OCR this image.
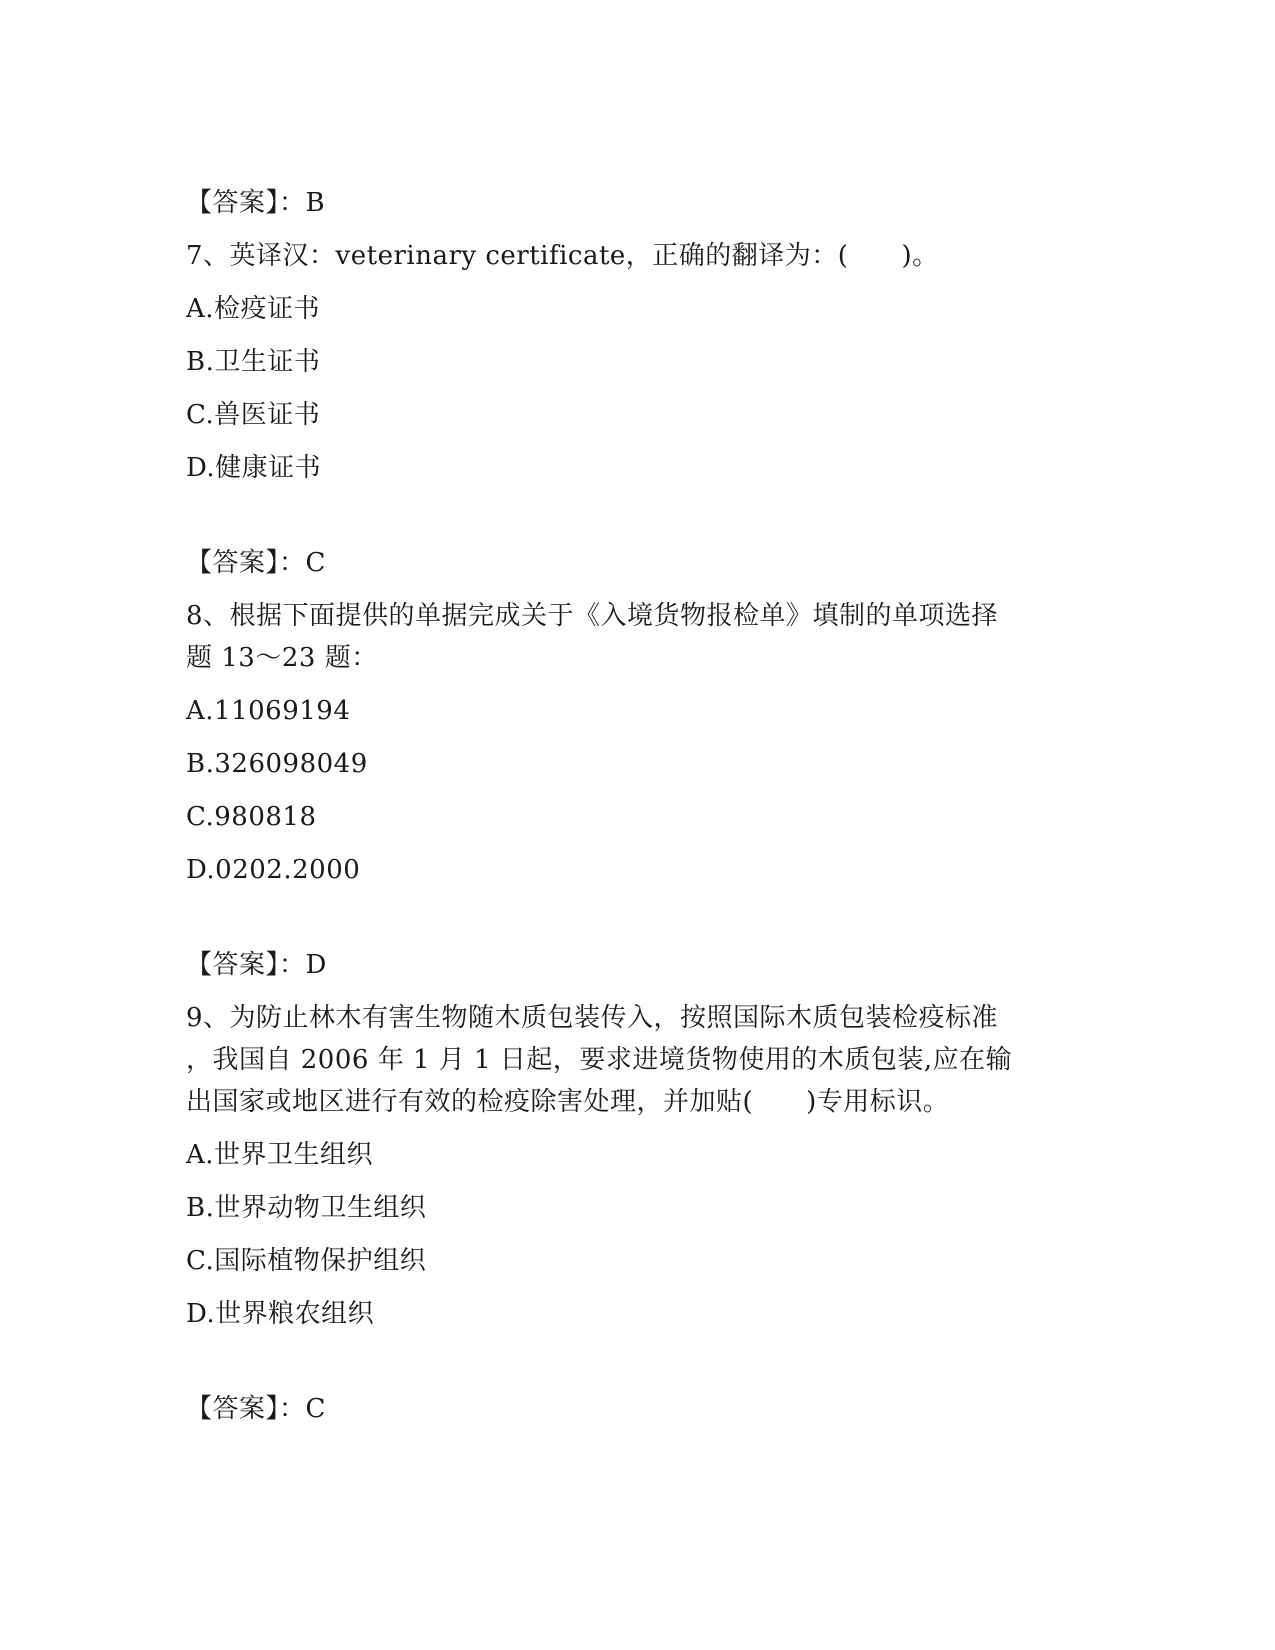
【答案】：B
7、英译汉：veterinary certificate，正确的翻译为：(　　)。
A.检疫证书
B.卫生证书
C.兽医证书
D.健康证书
【答案】：C
8、根据下面提供的单据完成关于《入境货物报检单》填制的单项选择
题 13～23 题：
A.11069194
B.326098049
C.980818
D.0202.2000
【答案】：D
9、为防止林木有害生物随木质包装传入，按照国际木质包装检疫标准
，我国自 2006 年 1 月 1 日起，要求进境货物使用的木质包装,应在输
出国家或地区进行有效的检疫除害处理，并加贴(　　)专用标识。
A.世界卫生组织
B.世界动物卫生组织
C.国际植物保护组织
D.世界粮农组织
【答案】：C
